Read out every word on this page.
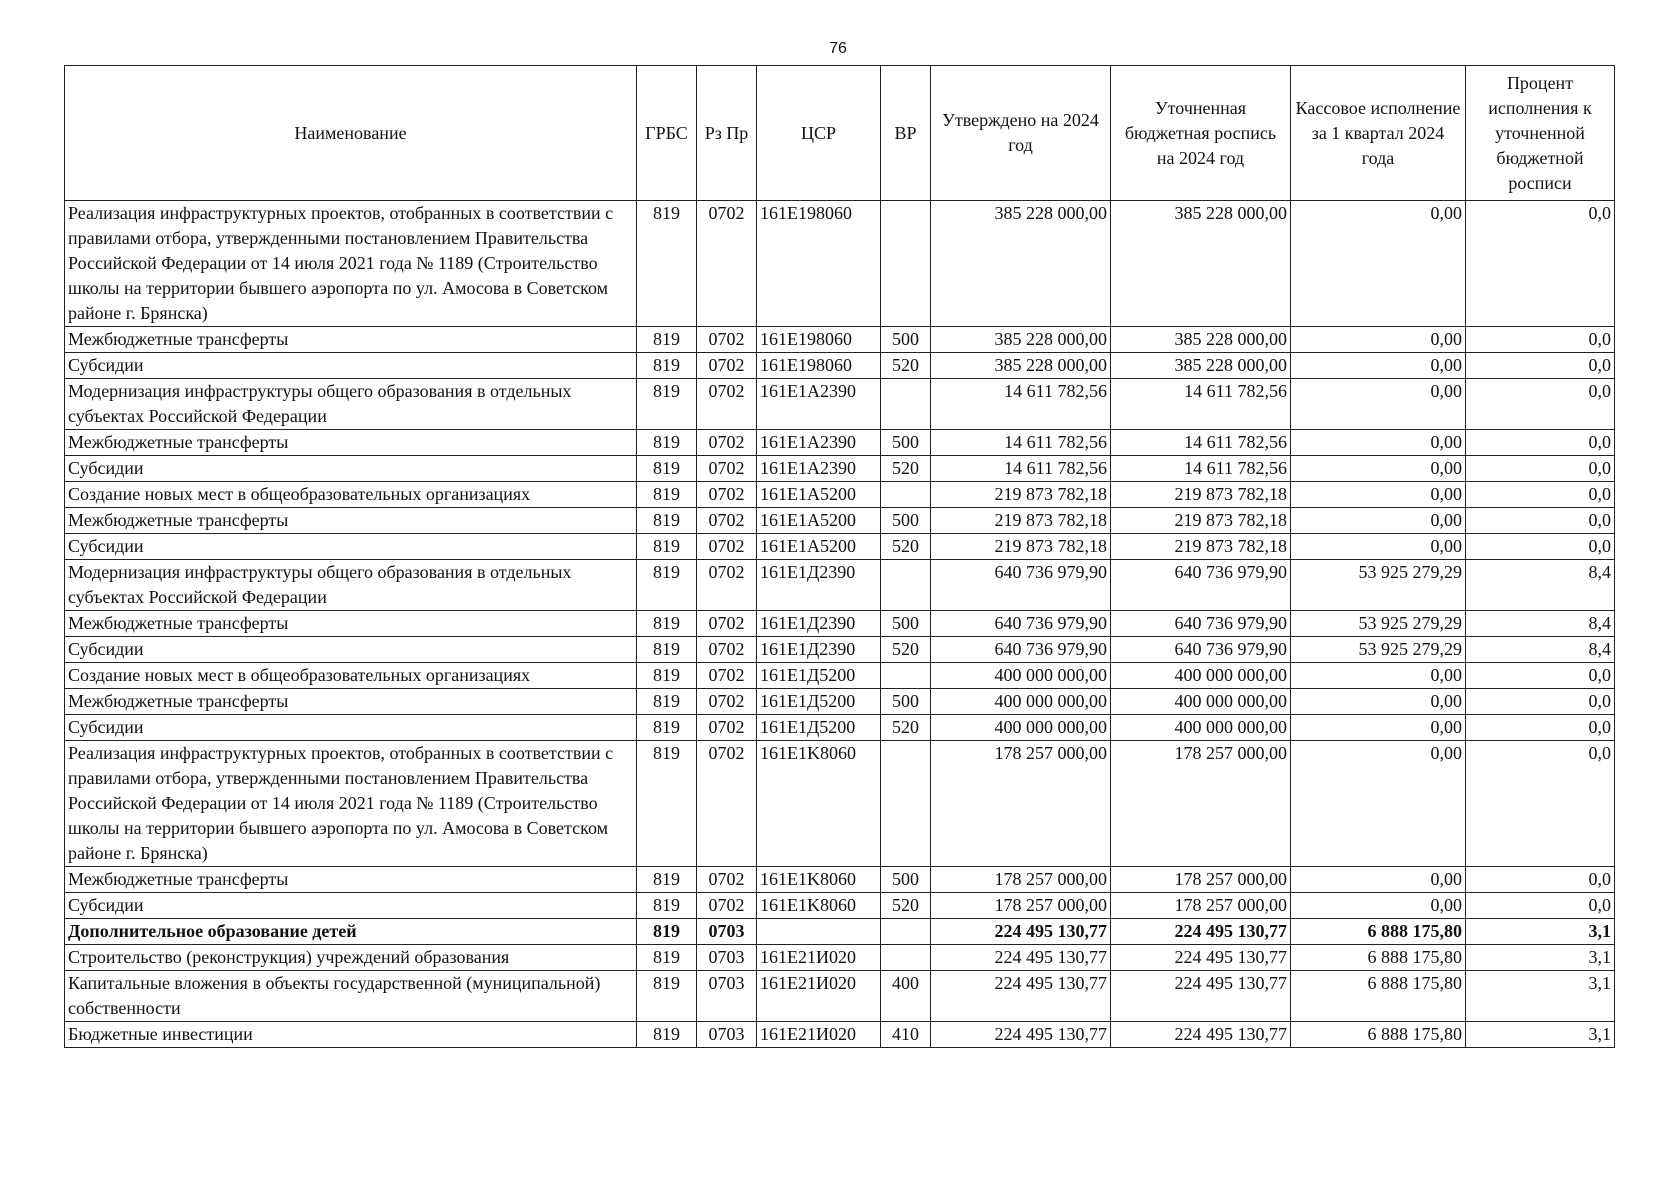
76
Наименование	ГРБС	Рз Пр	ЦСР	ВР	Утверждено на 2024 год	Уточненная бюджетная роспись на 2024 год	Кассовое исполнение за 1 квартал 2024 года	Процент исполнения к уточненной бюджетной росписи
Реализация инфраструктурных проектов, отобранных в соответствии с правилами отбора, утвержденными постановлением Правительства Российской Федерации от 14 июля 2021 года № 1189 (Строительство школы на территории бывшего аэропорта по ул. Амосова в Советском районе г. Брянска)	819	0702	161E198060		385 228 000,00	385 228 000,00	0,00	0,0
Межбюджетные трансферты	819	0702	161E198060	500	385 228 000,00	385 228 000,00	0,00	0,0
Субсидии	819	0702	161E198060	520	385 228 000,00	385 228 000,00	0,00	0,0
Модернизация инфраструктуры общего образования в отдельных субъектах Российской Федерации	819	0702	161E1A2390		14 611 782,56	14 611 782,56	0,00	0,0
Межбюджетные трансферты	819	0702	161E1A2390	500	14 611 782,56	14 611 782,56	0,00	0,0
Субсидии	819	0702	161E1A2390	520	14 611 782,56	14 611 782,56	0,00	0,0
Создание новых мест в общеобразовательных организациях	819	0702	161E1A5200		219 873 782,18	219 873 782,18	0,00	0,0
Межбюджетные трансферты	819	0702	161E1A5200	500	219 873 782,18	219 873 782,18	0,00	0,0
Субсидии	819	0702	161E1A5200	520	219 873 782,18	219 873 782,18	0,00	0,0
Модернизация инфраструктуры общего образования в отдельных субъектах Российской Федерации	819	0702	161E1Д2390		640 736 979,90	640 736 979,90	53 925 279,29	8,4
Межбюджетные трансферты	819	0702	161E1Д2390	500	640 736 979,90	640 736 979,90	53 925 279,29	8,4
Субсидии	819	0702	161E1Д2390	520	640 736 979,90	640 736 979,90	53 925 279,29	8,4
Создание новых мест в общеобразовательных организациях	819	0702	161E1Д5200		400 000 000,00	400 000 000,00	0,00	0,0
Межбюджетные трансферты	819	0702	161E1Д5200	500	400 000 000,00	400 000 000,00	0,00	0,0
Субсидии	819	0702	161E1Д5200	520	400 000 000,00	400 000 000,00	0,00	0,0
Реализация инфраструктурных проектов, отобранных в соответствии с правилами отбора, утвержденными постановлением Правительства Российской Федерации от 14 июля 2021 года № 1189 (Строительство школы на территории бывшего аэропорта по ул. Амосова в Советском районе г. Брянска)	819	0702	161E1K8060		178 257 000,00	178 257 000,00	0,00	0,0
Межбюджетные трансферты	819	0702	161E1K8060	500	178 257 000,00	178 257 000,00	0,00	0,0
Субсидии	819	0702	161E1K8060	520	178 257 000,00	178 257 000,00	0,00	0,0
Дополнительное образование детей	819	0703			224 495 130,77	224 495 130,77	6 888 175,80	3,1
Строительство (реконструкция) учреждений образования	819	0703	161E21И020		224 495 130,77	224 495 130,77	6 888 175,80	3,1
Капитальные вложения в объекты государственной (муниципальной) собственности	819	0703	161E21И020	400	224 495 130,77	224 495 130,77	6 888 175,80	3,1
Бюджетные инвестиции	819	0703	161E21И020	410	224 495 130,77	224 495 130,77	6 888 175,80	3,1
